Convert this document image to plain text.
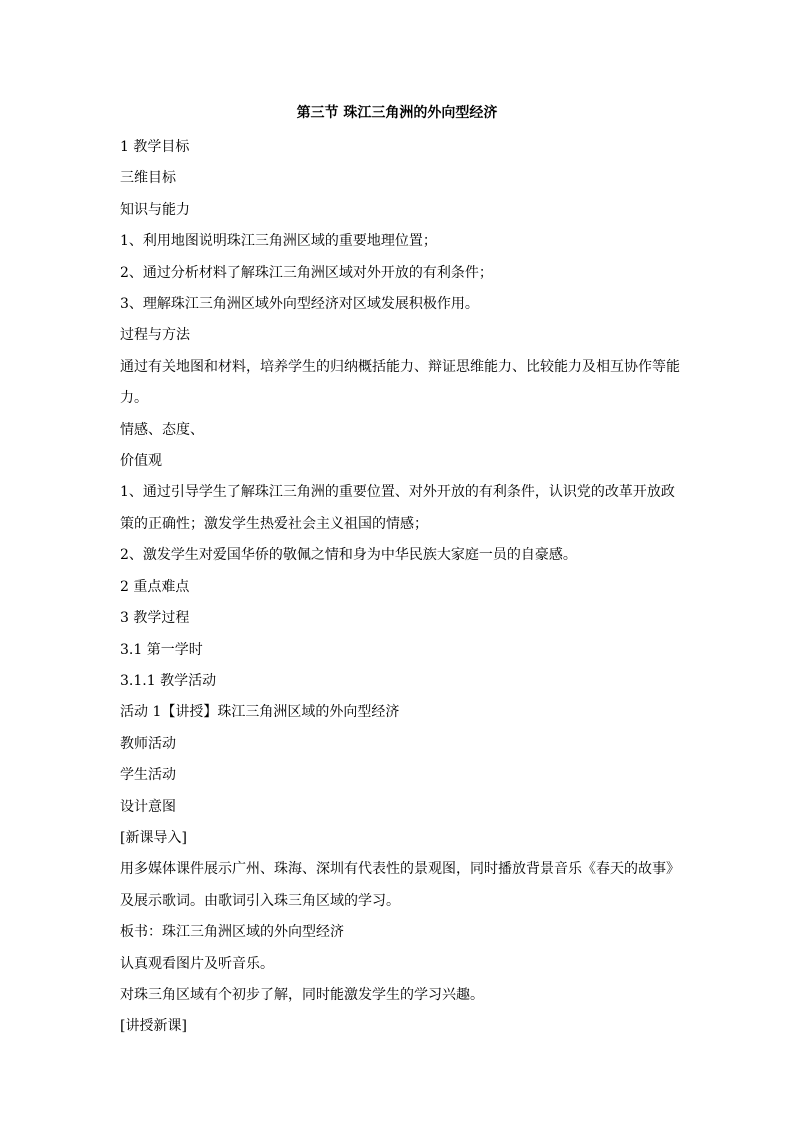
第三节 珠江三角洲的外向型经济

1 教学目标

三维目标

知识与能力

1、利用地图说明珠江三角洲区域的重要地理位置；

2、通过分析材料了解珠江三角洲区域对外开放的有利条件；

3、理解珠江三角洲区域外向型经济对区域发展积极作用。

过程与方法

通过有关地图和材料，培养学生的归纳概括能力、辩证思维能力、比较能力及相互协作等能力。

情感、态度、

价值观

1、通过引导学生了解珠江三角洲的重要位置、对外开放的有利条件，认识党的改革开放政策的正确性；激发学生热爱社会主义祖国的情感；

2、激发学生对爱国华侨的敬佩之情和身为中华民族大家庭一员的自豪感。

2 重点难点

3 教学过程

3.1 第一学时

3.1.1 教学活动

活动 1【讲授】珠江三角洲区域的外向型经济

教师活动

学生活动

设计意图

[新课导入]

用多媒体课件展示广州、珠海、深圳有代表性的景观图，同时播放背景音乐《春天的故事》及展示歌词。由歌词引入珠三角区域的学习。

板书：珠江三角洲区域的外向型经济

认真观看图片及听音乐。

对珠三角区域有个初步了解，同时能激发学生的学习兴趣。

[讲授新课]
